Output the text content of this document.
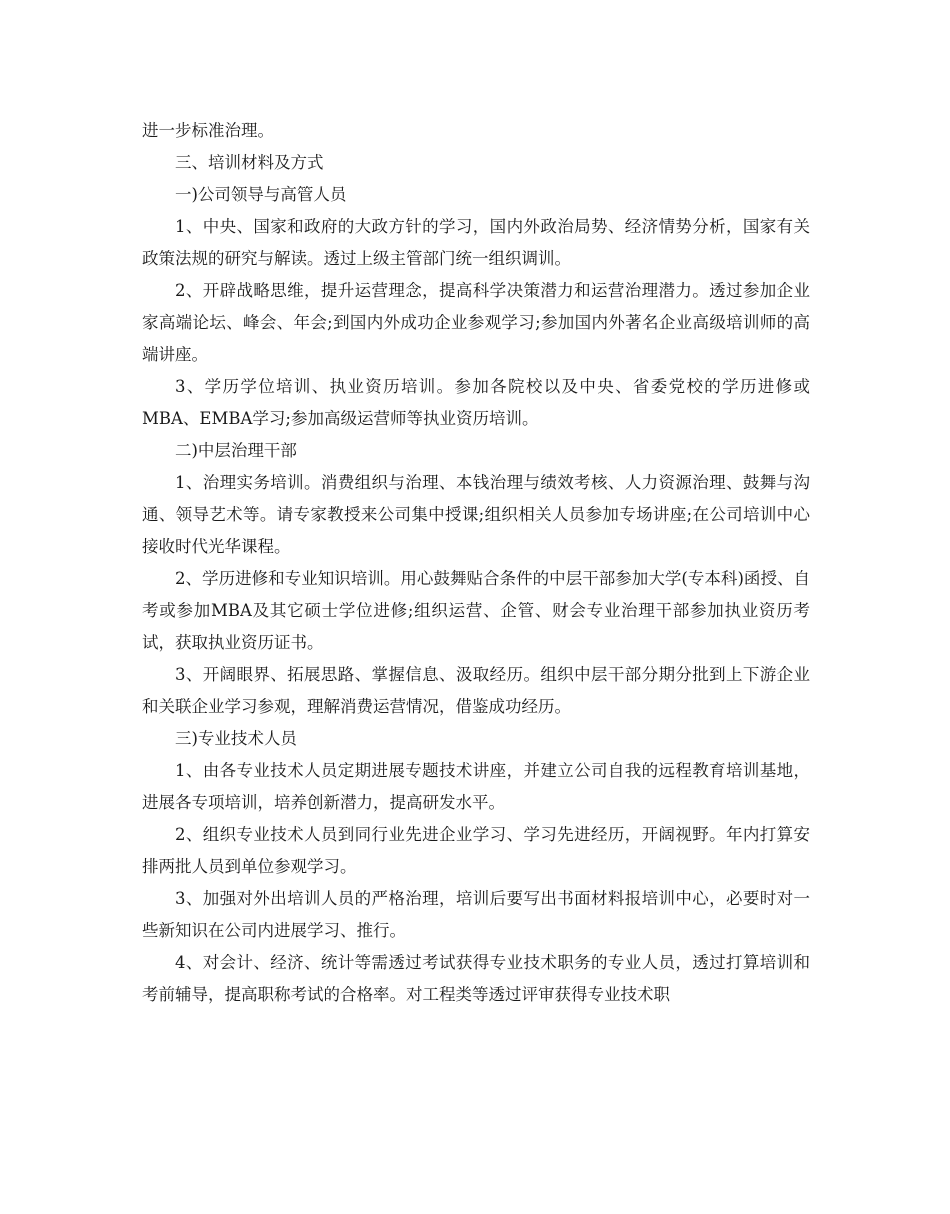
进一步标准治理。

三、培训材料及方式

一)公司领导与高管人员

1、中央、国家和政府的大政方针的学习，国内外政治局势、经济情势分析，国家有关政策法规的研究与解读。透过上级主管部门统一组织调训。

2、开辟战略思维，提升运营理念，提高科学决策潜力和运营治理潜力。透过参加企业家高端论坛、峰会、年会;到国内外成功企业参观学习;参加国内外著名企业高级培训师的高端讲座。

3、学历学位培训、执业资历培训。参加各院校以及中央、省委党校的学历进修或MBA、EMBA学习;参加高级运营师等执业资历培训。

二)中层治理干部

1、治理实务培训。消费组织与治理、本钱治理与绩效考核、人力资源治理、鼓舞与沟通、领导艺术等。请专家教授来公司集中授课;组织相关人员参加专场讲座;在公司培训中心接收时代光华课程。

2、学历进修和专业知识培训。用心鼓舞贴合条件的中层干部参加大学(专本科)函授、自考或参加MBA及其它硕士学位进修;组织运营、企管、财会专业治理干部参加执业资历考试，获取执业资历证书。

3、开阔眼界、拓展思路、掌握信息、汲取经历。组织中层干部分期分批到上下游企业和关联企业学习参观，理解消费运营情况，借鉴成功经历。

三)专业技术人员

1、由各专业技术人员定期进展专题技术讲座，并建立公司自我的远程教育培训基地，进展各专项培训，培养创新潜力，提高研发水平。

2、组织专业技术人员到同行业先进企业学习、学习先进经历，开阔视野。年内打算安排两批人员到单位参观学习。

3、加强对外出培训人员的严格治理，培训后要写出书面材料报培训中心，必要时对一些新知识在公司内进展学习、推行。

4、对会计、经济、统计等需透过考试获得专业技术职务的专业人员，透过打算培训和考前辅导，提高职称考试的合格率。对工程类等透过评审获得专业技术职
